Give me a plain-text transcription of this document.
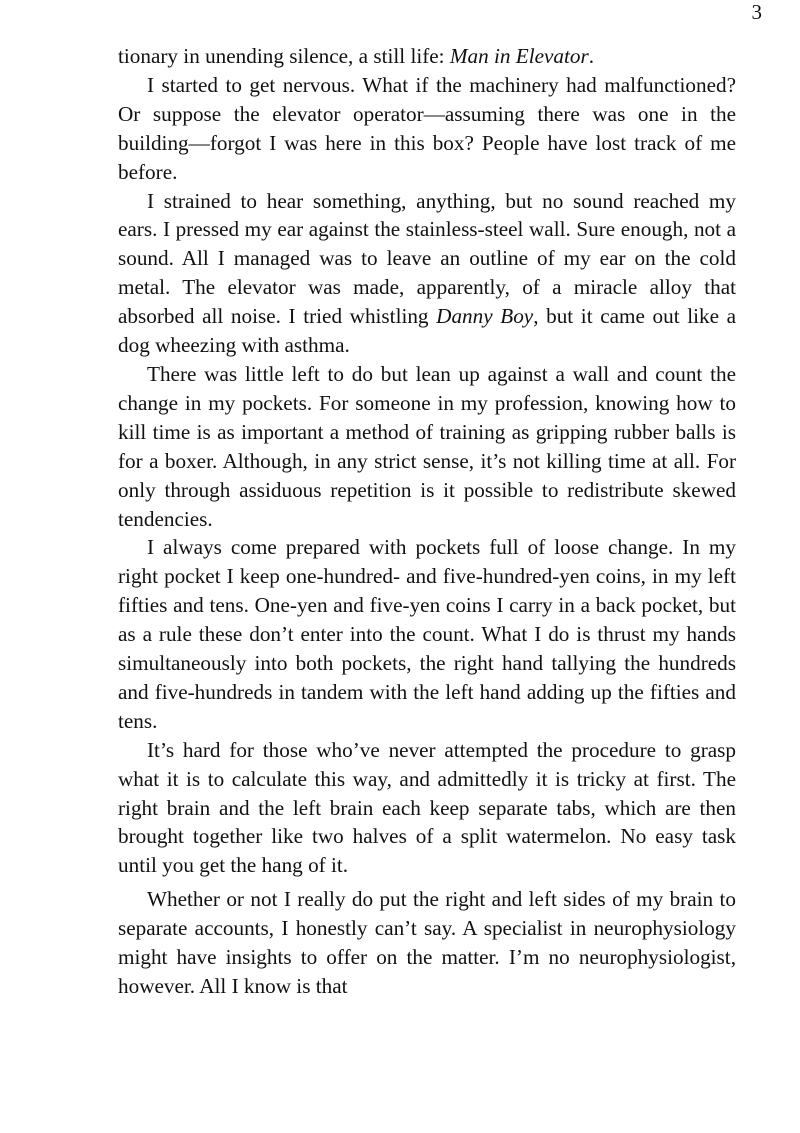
3

tionary in unending silence, a still life: Man in Elevator.

I started to get nervous. What if the machinery had malfunctioned? Or suppose the elevator operator—assuming there was one in the building—forgot I was here in this box? People have lost track of me before.

I strained to hear something, anything, but no sound reached my ears. I pressed my ear against the stainless-steel wall. Sure enough, not a sound. All I managed was to leave an outline of my ear on the cold metal. The elevator was made, apparently, of a miracle alloy that absorbed all noise. I tried whistling Danny Boy, but it came out like a dog wheezing with asthma.

There was little left to do but lean up against a wall and count the change in my pockets. For someone in my profession, knowing how to kill time is as important a method of training as gripping rubber balls is for a boxer. Although, in any strict sense, it’s not killing time at all. For only through assiduous repetition is it possible to redistribute skewed tendencies.

I always come prepared with pockets full of loose change. In my right pocket I keep one-hundred- and five-hundred-yen coins, in my left fifties and tens. One-yen and five-yen coins I carry in a back pocket, but as a rule these don’t enter into the count. What I do is thrust my hands simultaneously into both pockets, the right hand tallying the hundreds and five-hundreds in tandem with the left hand adding up the fifties and tens.

It’s hard for those who’ve never attempted the procedure to grasp what it is to calculate this way, and admittedly it is tricky at first. The right brain and the left brain each keep separate tabs, which are then brought together like two halves of a split watermelon. No easy task until you get the hang of it.

Whether or not I really do put the right and left sides of my brain to separate accounts, I honestly can’t say. A specialist in neurophysiology might have insights to offer on the matter. I’m no neurophysiologist, however. All I know is that
